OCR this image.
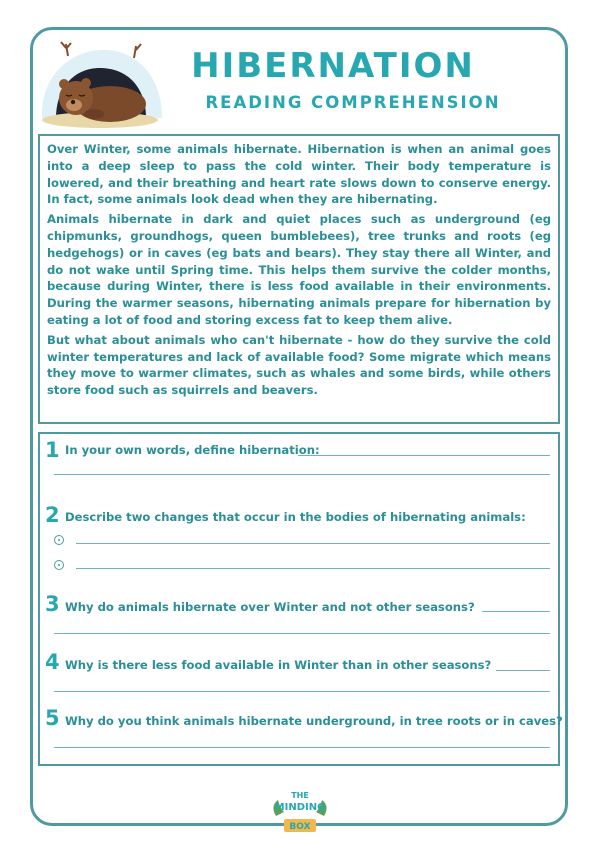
HIBERNATION
READING COMPREHENSION

Over Winter, some animals hibernate. Hibernation is when an animal goes into a deep sleep to pass the cold winter. Their body temperature is lowered, and their breathing and heart rate slows down to conserve energy. In fact, some animals look dead when they are hibernating.

Animals hibernate in dark and quiet places such as underground (eg chipmunks, groundhogs, queen bumblebees), tree trunks and roots (eg hedgehogs) or in caves (eg bats and bears). They stay there all Winter, and do not wake until Spring time. This helps them survive the colder months, because during Winter, there is less food available in their environments. During the warmer seasons, hibernating animals prepare for hibernation by eating a lot of food and storing excess fat to keep them alive.

But what about animals who can't hibernate - how do they survive the cold winter temperatures and lack of available food? Some migrate which means they move to warmer climates, such as whales and some birds, while others store food such as squirrels and beavers.

1 In your own words, define hibernation:
2 Describe two changes that occur in the bodies of hibernating animals:
3 Why do animals hibernate over Winter and not other seasons?
4 Why is there less food available in Winter than in other seasons?
5 Why do you think animals hibernate underground, in tree roots or in caves?
THE
MINDING
BOX
